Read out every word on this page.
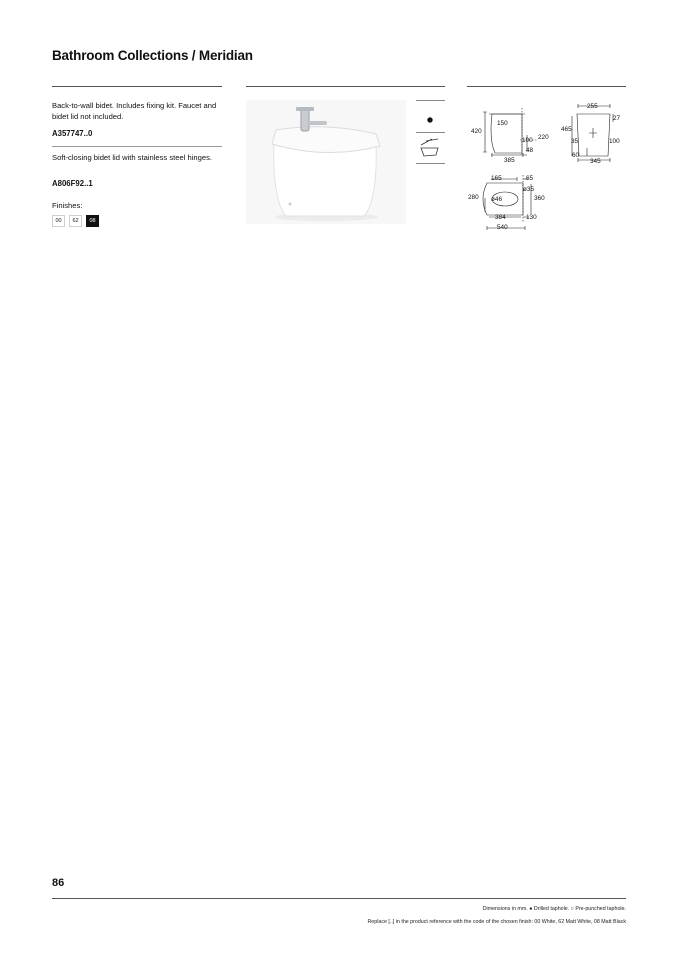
Bathroom Collections / Meridian
Back-to-wall bidet. Includes fixing kit. Faucet and bidet lid not included.
A357747..0
Soft-closing bidet lid with stainless steel hinges.
A806F92..1
Finishes:
00	62	08
150
420
100 220
48
385
255
27
465
35	100
60
345
165	65
ø35
280 ø46	360
384	130
540
86
Dimensions in mm. ● Drilled taphole. ○ Pre-punched taphole.
Replace [..] in the product reference with the code of the chosen finish: 00 White, 62 Matt White, 08 Matt Black
